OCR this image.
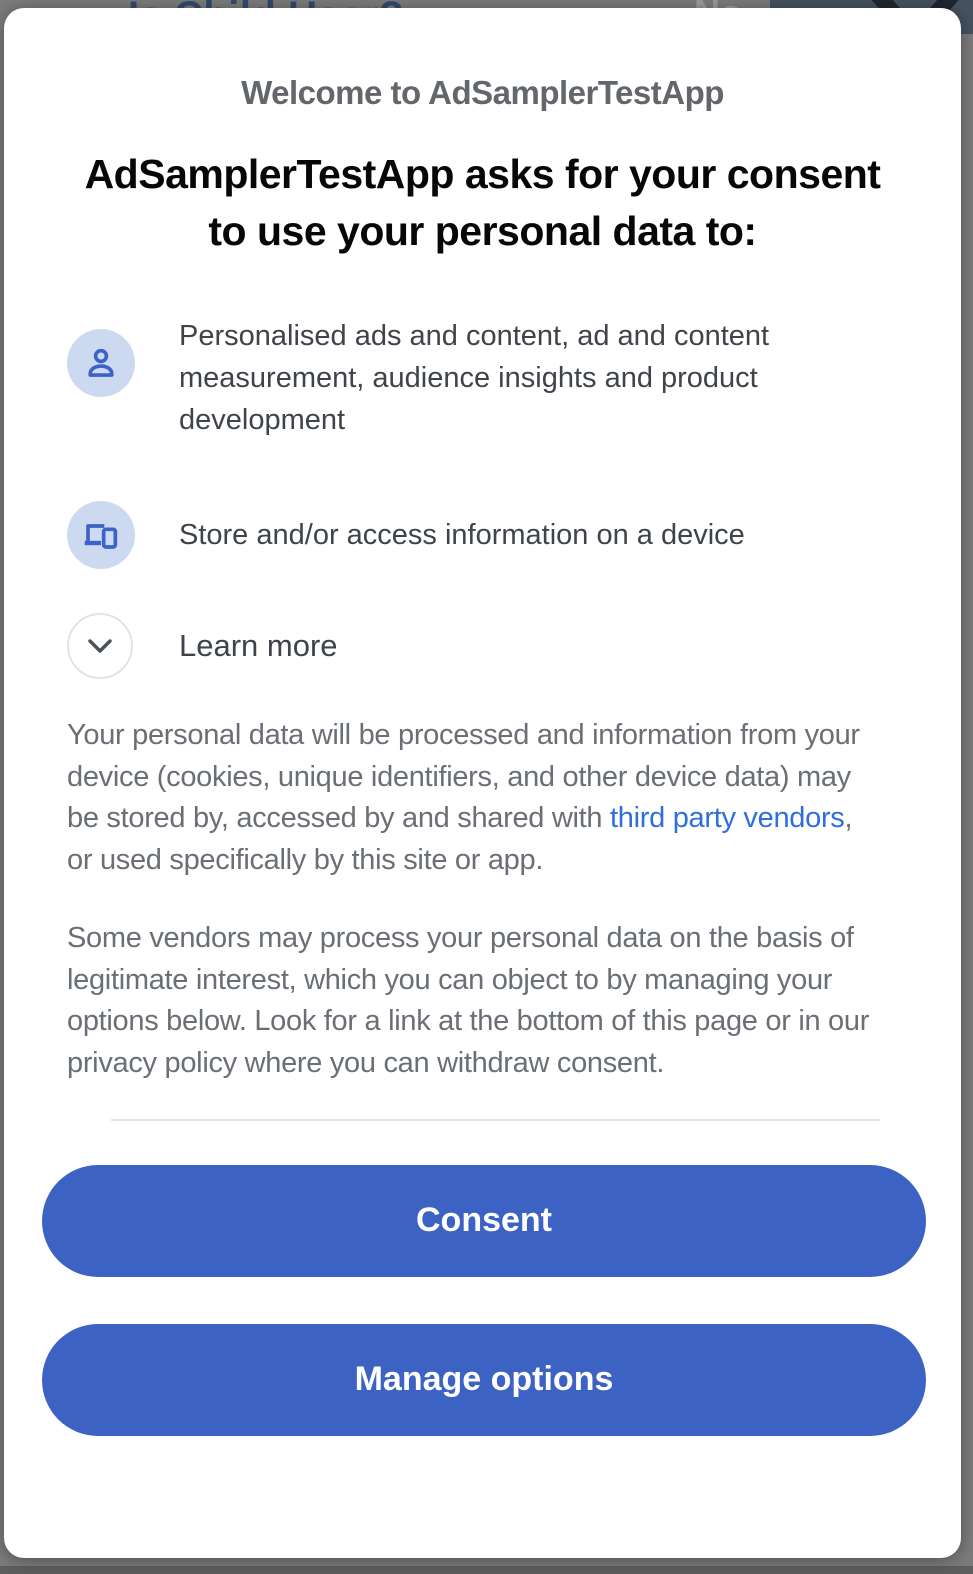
Welcome to AdSamplerTestApp
AdSamplerTestApp asks for your consent to use your personal data to:

Personalised ads and content, ad and content measurement, audience insights and product development

Store and/or access information on a device

Learn more

Your personal data will be processed and information from your device (cookies, unique identifiers, and other device data) may be stored by, accessed by and shared with third party vendors, or used specifically by this site or app.

Some vendors may process your personal data on the basis of legitimate interest, which you can object to by managing your options below. Look for a link at the bottom of this page or in our privacy policy where you can withdraw consent.

Consent
Manage options
